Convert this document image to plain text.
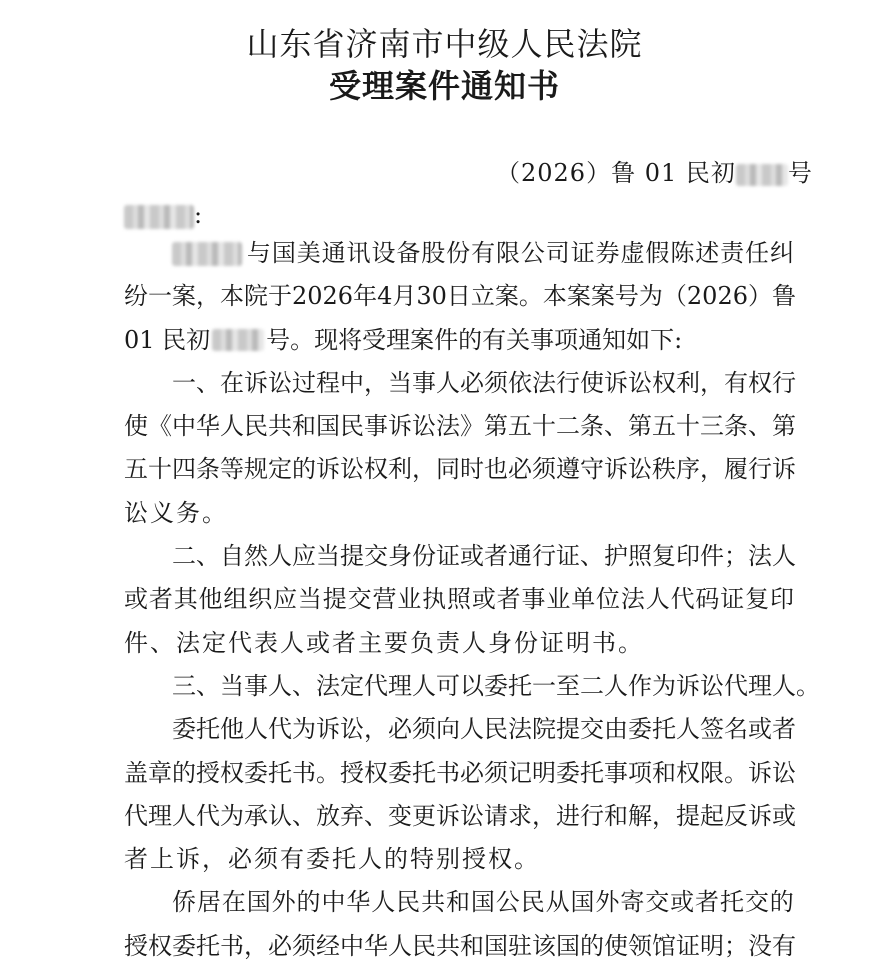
山东省济南市中级人民法院
受理案件通知书
（2026）鲁 01 民初 号
:
与 国 美 通 讯 设 备 股 份 有 限 公 司 证 券 虚 假 陈 述 责 任 纠
纷 一 案 ， 本 院 于 2026 年 4 月 30 日 立 案 。 本 案 案 号 为 （ 2026 ） 鲁
01 民初 号。现将受理案件的有关事项通知如下:
一 、 在 诉 讼 过 程 中 ， 当 事 人 必 须 依 法 行 使 诉 讼 权 利 ， 有 权 行
使 《 中 华 人 民 共 和 国 民 事 诉 讼 法 》 第 五 十 二 条 、 第 五 十 三 条 、 第
五 十 四 条 等 规 定 的 诉 讼 权 利 ， 同 时 也 必 须 遵 守 诉 讼 秩 序 ， 履 行 诉
讼 义 务 。
二 、 自 然 人 应 当 提 交 身 份 证 或 者 通 行 证 、 护 照 复 印 件 ； 法 人
或 者 其 他 组 织 应 当 提 交 营 业 执 照 或 者 事 业 单 位 法 人 代 码 证 复 印
件 、 法 定 代 表 人 或 者 主 要 负 责 人 身 份 证 明 书 。
三 、 当 事 人 、 法 定 代 理 人 可 以 委 托 一 至 二 人 作 为 诉 讼 代 理 人 。
委 托 他 人 代 为 诉 讼 ， 必 须 向 人 民 法 院 提 交 由 委 托 人 签 名 或 者
盖 章 的 授 权 委 托 书 。 授 权 委 托 书 必 须 记 明 委 托 事 项 和 权 限 。 诉 讼
代 理 人 代 为 承 认 、 放 弃 、 变 更 诉 讼 请 求 ， 进 行 和 解 ， 提 起 反 诉 或
者 上 诉 ， 必 须 有 委 托 人 的 特 别 授 权 。
侨 居 在 国 外 的 中 华 人 民 共 和 国 公 民 从 国 外 寄 交 或 者 托 交 的
授 权 委 托 书 ， 必 须 经 中 华 人 民 共 和 国 驻 该 国 的 使 领 馆 证 明 ； 没 有
